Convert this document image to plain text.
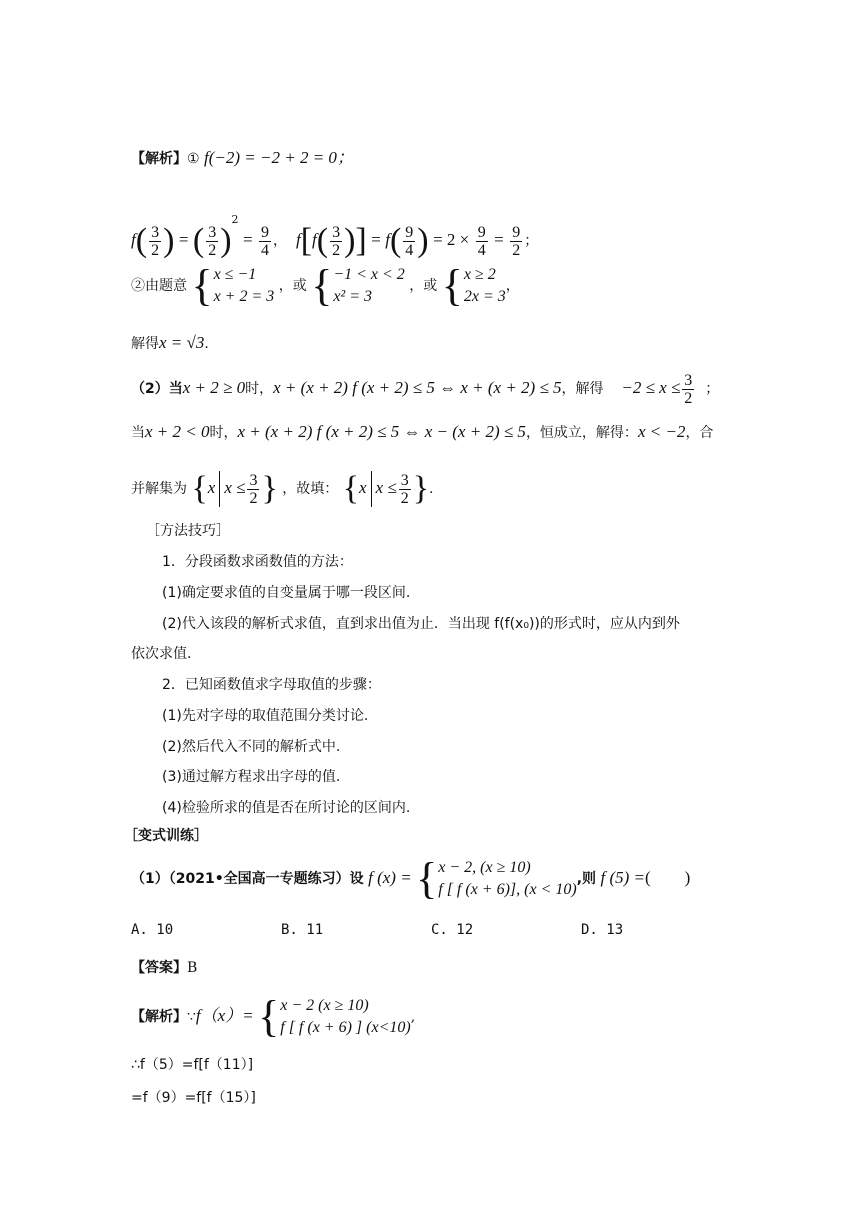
【解析】① f(−2) = −2 + 2 = 0；
$f( \frac{3}{2}$ ) = ( $\frac{3}{2} )^2 = \frac{9}{4}$ ， $f[f( \frac{3}{2}$ )] = $f( \frac{9}{4}$ ) = $2 \times \frac{9}{4} = \frac{9}{2}$ ；
②由题意 { x ≤ −1
x + 2 = 3
，或 { −1 < x < 2
x² = 3
，或 { x ≥ 2
2x = 3
，
解得x = √3.
（2）当x + 2 ≥ 0时，x + (x + 2) f (x + 2) ≤ 5 ⇔ x + (x + 2) ≤ 5，解得 $-2 \le x \le \frac{3}{2}$ ；
当x + 2 < 0时，x + (x + 2) f (x + 2) ≤ 5 ⇔ x − (x + 2) ≤ 5，恒成立，解得：x < −2，合
并解集为 {x $x \le \frac{3}{2}$ } ，故填： {x $x \le \frac{3}{2}$ }.
［方法技巧］
1．分段函数求函数值的方法：
(1)确定要求值的自变量属于哪一段区间.
(2)代入该段的解析式求值，直到求出值为止．当出现 f(f(x₀))的形式时，应从内到外
依次求值.
2．已知函数值求字母取值的步骤：
(1)先对字母的取值范围分类讨论.
(2)然后代入不同的解析式中.
(3)通过解方程求出字母的值.
(4)检验所求的值是否在所讨论的区间内.
［变式训练］
（1）（2021•全国高一专题练习）设 f (x) = { x − 2, (x ≥ 10)
f [ f (x + 6)], (x < 10)
,则 f (5) =(　　)
A. 10	B. 11	C. 12	D. 13
【答案】B
【解析】∵f（x）= { x − 2 (x ≥ 10)
f [ f (x + 6) ] (x<10)
,
∴f（5）=f[f（11）]
=f（9）=f[f（15）]
